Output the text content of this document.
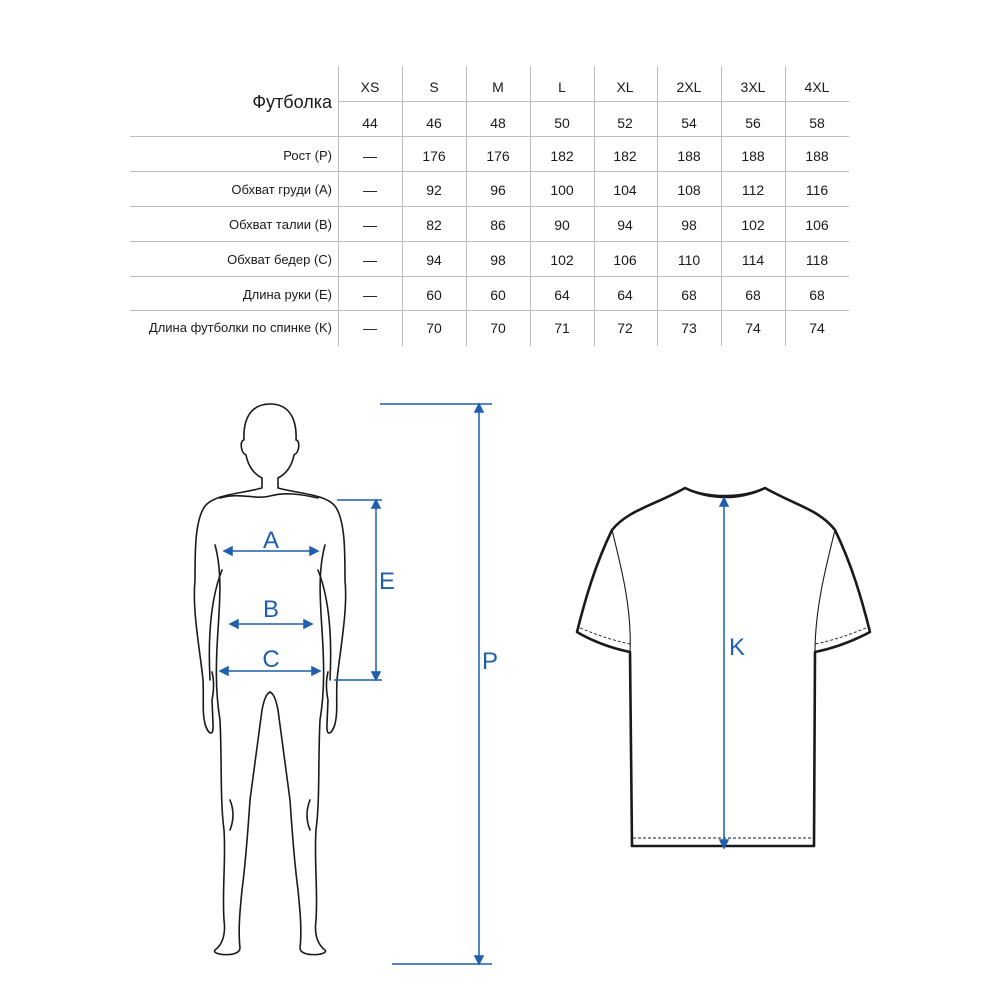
Футболка
XS	S	M	L	XL	2XL	3XL	4XL
44	46	48	50	52	54	56	58
Рост (P)	—	176	176	182	182	188	188	188
Обхват груди (A)	—	92	96	100	104	108	112	116
Обхват талии (B)	—	82	86	90	94	98	102	106
Обхват бедер (C)	—	94	98	102	106	110	114	118
Длина руки (E)	—	60	60	64	64	68	68	68
Длина футболки по спинке (K)	—	70	70	71	72	73	74	74
A
B
C
E
P
K
